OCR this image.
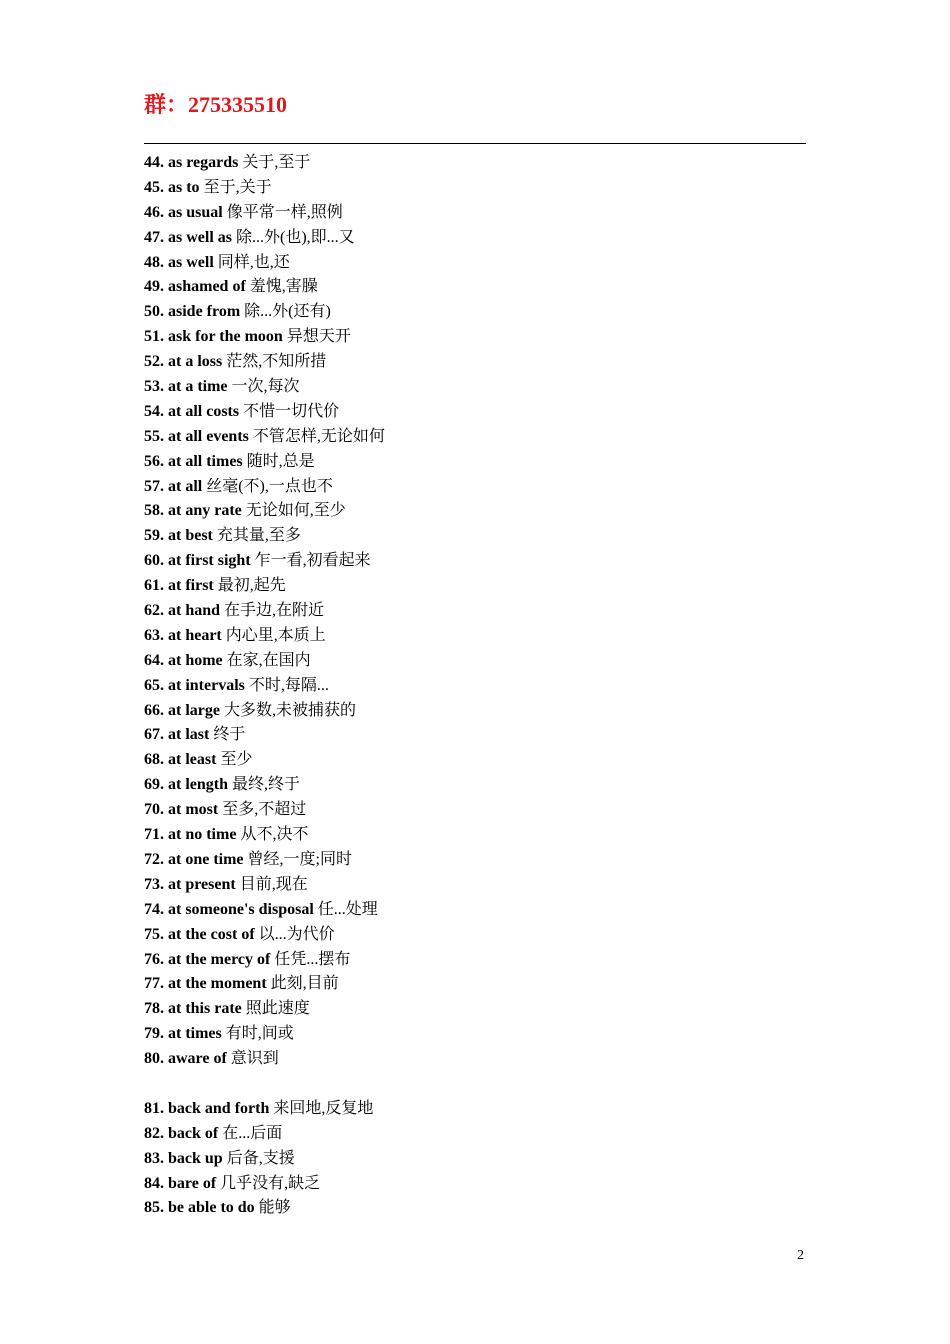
群：275335510
44. as regards 关于,至于
45. as to 至于,关于
46. as usual 像平常一样,照例
47. as well as 除...外(也),即...又
48. as well 同样,也,还
49. ashamed of 羞愧,害臊
50. aside from 除...外(还有)
51. ask for the moon 异想天开
52. at a loss 茫然,不知所措
53. at a time 一次,每次
54. at all costs 不惜一切代价
55. at all events 不管怎样,无论如何
56. at all times 随时,总是
57. at all 丝毫(不),一点也不
58. at any rate 无论如何,至少
59. at best 充其量,至多
60. at first sight 乍一看,初看起来
61. at first 最初,起先
62. at hand 在手边,在附近
63. at heart 内心里,本质上
64. at home 在家,在国内
65. at intervals 不时,每隔...
66. at large 大多数,未被捕获的
67. at last 终于
68. at least 至少
69. at length 最终,终于
70. at most 至多,不超过
71. at no time 从不,决不
72. at one time 曾经,一度;同时
73. at present 目前,现在
74. at someone's disposal 任...处理
75. at the cost of 以...为代价
76. at the mercy of 任凭...摆布
77. at the moment 此刻,目前
78. at this rate 照此速度
79. at times 有时,间或
80. aware of 意识到
81. back and forth 来回地,反复地
82. back of 在...后面
83. back up 后备,支援
84. bare of 几乎没有,缺乏
85. be able to do 能够
2
